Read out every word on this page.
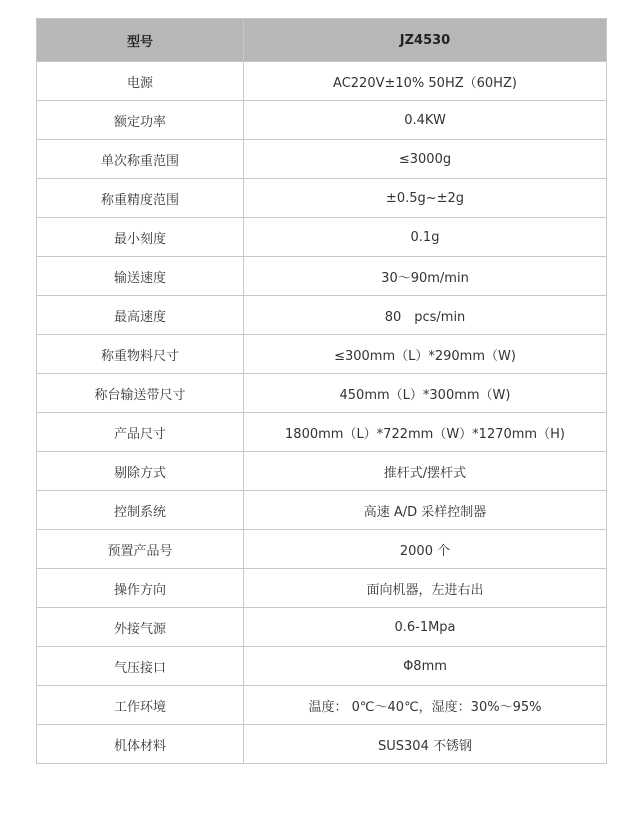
型号	JZ4530
电源	AC220V±10% 50HZ（60HZ)
额定功率	0.4KW
单次称重范围	≤3000g
称重精度范围	±0.5g~±2g
最小刻度	0.1g
输送速度	30～90m/min
最高速度	80　pcs/min
称重物料尺寸	≤300mm（L）*290mm（W)
称台输送带尺寸	450mm（L）*300mm（W)
产品尺寸	1800mm（L）*722mm（W）*1270mm（H)
剔除方式	推杆式/摆杆式
控制系统	高速 A/D 采样控制器
预置产品号	2000 个
操作方向	面向机器，左进右出
外接气源	0.6-1Mpa
气压接口	Φ8mm
工作环境	温度： 0℃～40℃，湿度：30%～95%
机体材料	SUS304 不锈钢
